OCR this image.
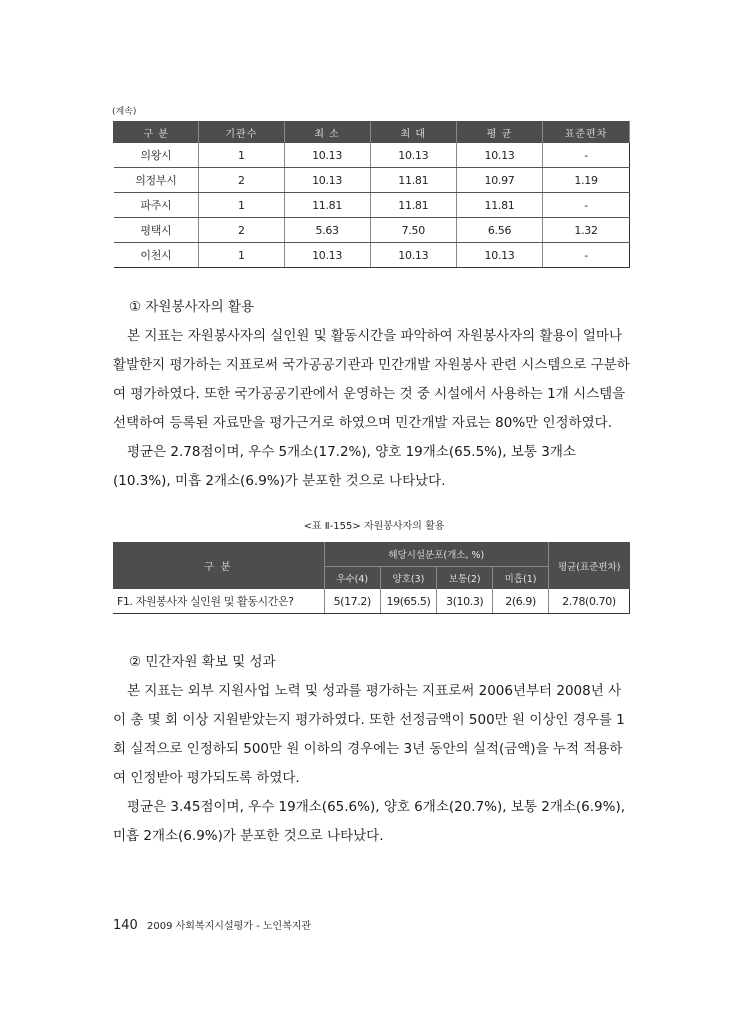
(계속)
구 분	기관수	최 소	최 대	평 균	표준편차
의왕시	1	10.13	10.13	10.13	-
의정부시	2	10.13	11.81	10.97	1.19
파주시	1	11.81	11.81	11.81	-
평택시	2	5.63	7.50	6.56	1.32
이천시	1	10.13	10.13	10.13	-

① 자원봉사자의 활용

본 지표는 자원봉사자의 실인원 및 활동시간을 파악하여 자원봉사자의 활용이 얼마나 활발한지 평가하는 지표로써 국가공공기관과 민간개발 자원봉사 관련 시스템으로 구분하여 평가하였다. 또한 국가공공기관에서 운영하는 것 중 시설에서 사용하는 1개 시스템을 선택하여 등록된 자료만을 평가근거로 하였으며 민간개발 자료는 80%만 인정하였다.

평균은 2.78점이며, 우수 5개소(17.2%), 양호 19개소(65.5%), 보통 3개소(10.3%), 미흡 2개소(6.9%)가 분포한 것으로 나타났다.

<표 Ⅱ-155> 자원봉사자의 활용
구 분	해당시설분포(개소, %)				평균(표준편차)
	우수(4)	양호(3)	보통(2)	미흡(1)	
F1. 자원봉사자 실인원 및 활동시간은?	5(17.2)	19(65.5)	3(10.3)	2(6.9)	2.78(0.70)

② 민간자원 확보 및 성과

본 지표는 외부 지원사업 노력 및 성과를 평가하는 지표로써 2006년부터 2008년 사이 총 몇 회 이상 지원받았는지 평가하였다. 또한 선정금액이 500만 원 이상인 경우를 1회 실적으로 인정하되 500만 원 이하의 경우에는 3년 동안의 실적(금액)을 누적 적용하여 인정받아 평가되도록 하였다.

평균은 3.45점이며, 우수 19개소(65.6%), 양호 6개소(20.7%), 보통 2개소(6.9%), 미흡 2개소(6.9%)가 분포한 것으로 나타났다.

140 2009 사회복지시설평가 - 노인복지관
